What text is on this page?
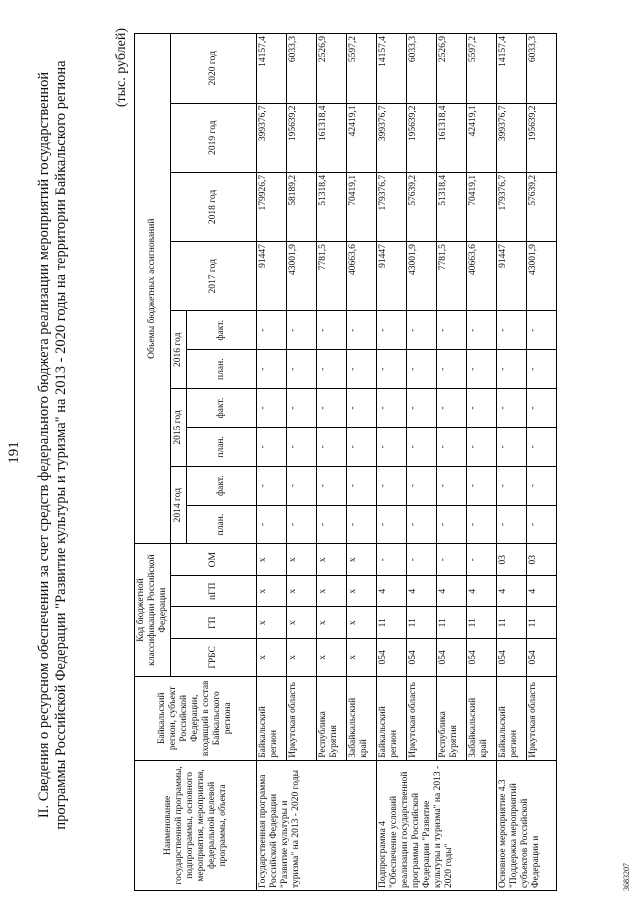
191 II. Сведения о ресурсном обеспечении за счет средств федерального бюджета реализации мероприятий государственной программы Российской Федерации "Развитие культуры и туризма" на 2013 - 2020 годы на территории Байкальского региона	(тыс. рублей)
Наименование государственной программы, подпрограммы, основного мероприятия, мероприятия, федеральной целевой программы, объекта	Байкальский регион, субъект Российской Федерации, входящий в состав Байкальского региона	Код бюджетной классификации Российской Федерации				Объемы бюджетных ассигнований									
		ГРБС	ГП	пГП	ОМ	2014 год		2015 год		2016 год		2017 год	2018 год	2019 год	2020 год
						план.	факт.	план.	факт.	план.	факт.				
Государственная программа Российской Федерации "Развитие культуры и туризма" на 2013 - 2020 годы	Байкальский регион	х	х	х	х	-	-	-	-	-	-	91447	179926,7	399376,7	14157,4
	Иркутская область	х	х	х	х	-	-	-	-	-	-	43001,9	58189,2	195639,2	6033,3
	Республика Бурятия	х	х	х	х	-	-	-	-	-	-	7781,5	51318,4	161318,4	2526,9
	Забайкальский край	х	х	х	х	-	-	-	-	-	-	40663,6	70419,1	42419,1	5597,2
Подпрограмма 4 "Обеспечение условий реализации государственной программы Российской Федерации "Развитие культуры и туризма" на 2013 - 2020 годы"	Байкальский регион	054	11	4	-	-	-	-	-	-	-	91447	179376,7	399376,7	14157,4
	Иркутская область	054	11	4	-	-	-	-	-	-	-	43001,9	57639,2	195639,2	6033,3
	Республика Бурятия	054	11	4	-	-	-	-	-	-	-	7781,5	51318,4	161318,4	2526,9
	Забайкальский край	054	11	4	-	-	-	-	-	-	-	40663,6	70419,1	42419,1	5597,2
Основное мероприятие 4.3 "Поддержка мероприятий субъектов Российской Федерации и	Байкальский регион	054	11	4	03	-	-	-	-	-	-	91447	179376,7	399376,7	14157,4
	Иркутская область	054	11	4	03	-	-	-	-	-	-	43001,9	57639,2	195639,2	6033,3
3683207
